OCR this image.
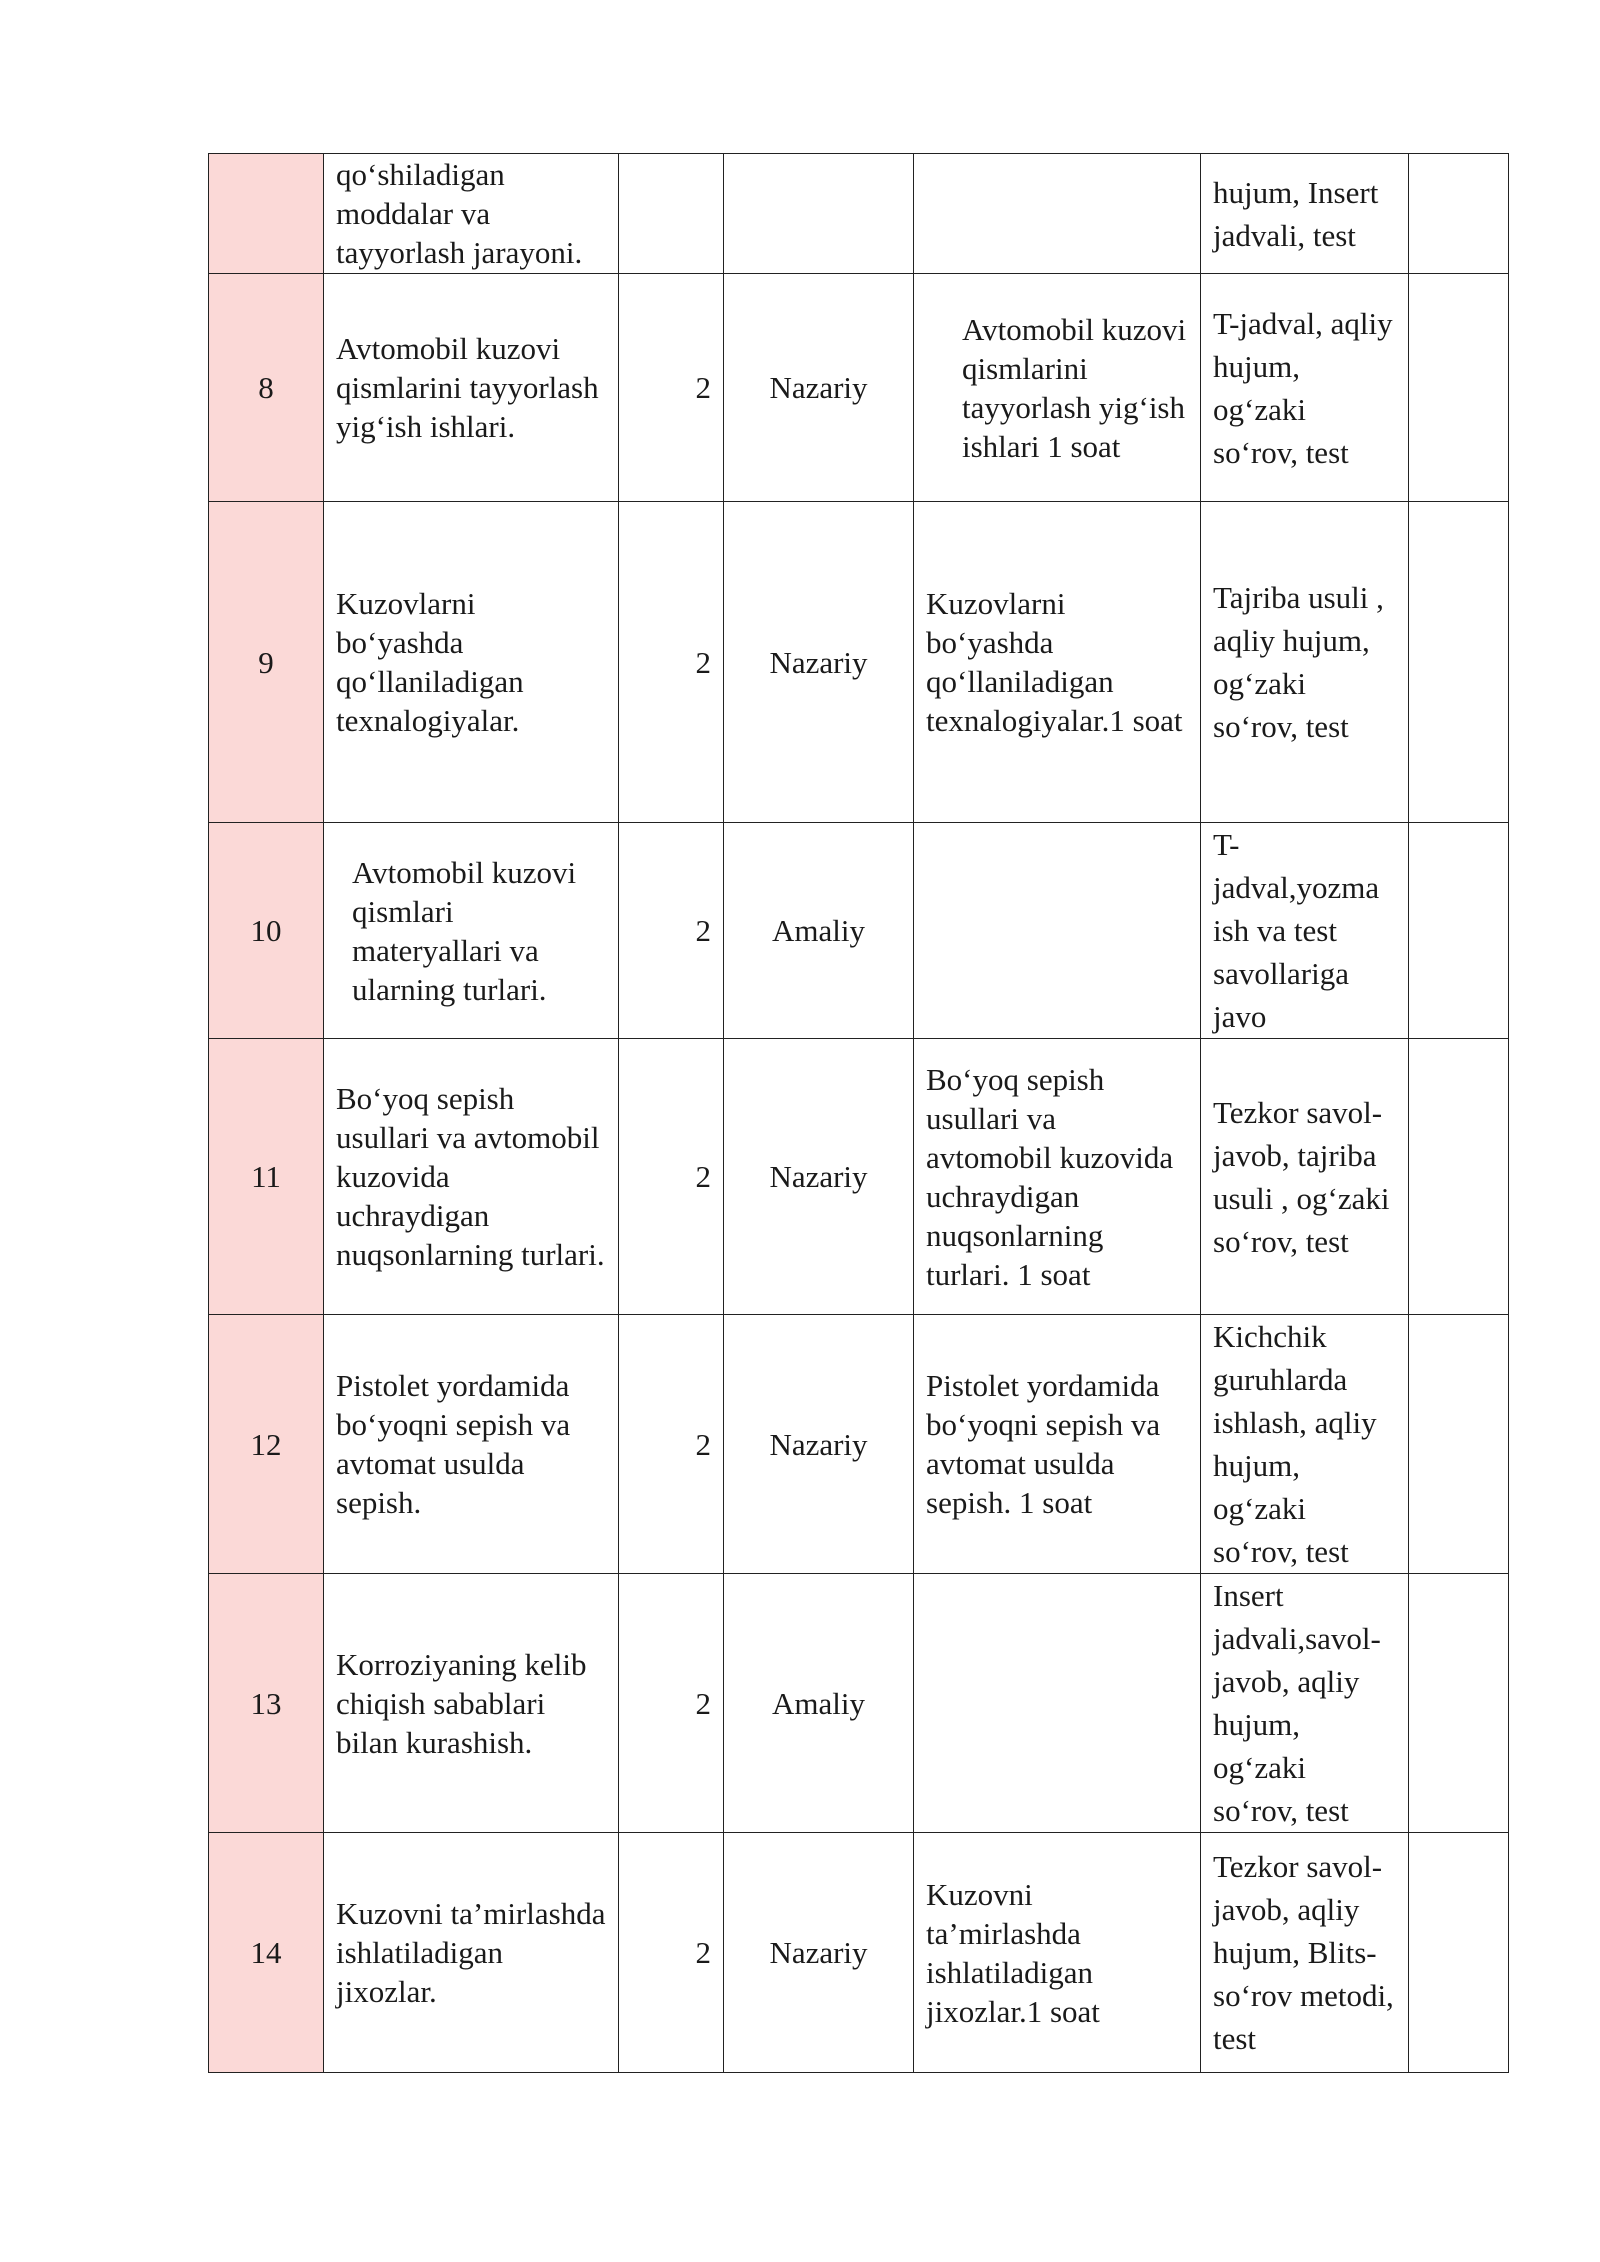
	qo‘shiladigan moddalar va tayyorlash jarayoni.				hujum, Insert jadvali, test	
8	Avtomobil kuzovi qismlarini tayyorlash yig‘ish ishlari.	2	Nazariy	Avtomobil kuzovi qismlarini tayyorlash yig‘ish ishlari 1 soat	T-jadval, aqliy hujum, og‘zaki so‘rov, test	
9	Kuzovlarni bo‘yashda qo‘llaniladigan texnalogiyalar.	2	Nazariy	Kuzovlarni bo‘yashda qo‘llaniladigan texnalogiyalar.1 soat	Tajriba usuli , aqliy hujum, og‘zaki so‘rov, test	
10	Avtomobil kuzovi qismlari materyallari va ularning turlari.	2	Amaliy		T-jadval,yozma ish va test savollariga javo	
11	Bo‘yoq sepish usullari va avtomobil kuzovida uchraydigan nuqsonlarning turlari.	2	Nazariy	Bo‘yoq sepish usullari va avtomobil kuzovida uchraydigan nuqsonlarning turlari. 1 soat	Tezkor savol-javob, tajriba usuli , og‘zaki so‘rov, test	
12	Pistolet yordamida bo‘yoqni sepish va avtomat usulda sepish.	2	Nazariy	Pistolet yordamida bo‘yoqni sepish va avtomat usulda sepish. 1 soat	Kichchik guruhlarda ishlash, aqliy hujum, og‘zaki so‘rov, test	
13	Korroziyaning kelib chiqish sabablari bilan kurashish.	2	Amaliy		Insert jadvali,savol-javob, aqliy hujum, og‘zaki so‘rov, test	
14	Kuzovni ta’mirlashda ishlatiladigan jixozlar.	2	Nazariy	Kuzovni ta’mirlashda ishlatiladigan jixozlar.1 soat	Tezkor savol-javob, aqliy hujum, Blits-so‘rov metodi, test	
